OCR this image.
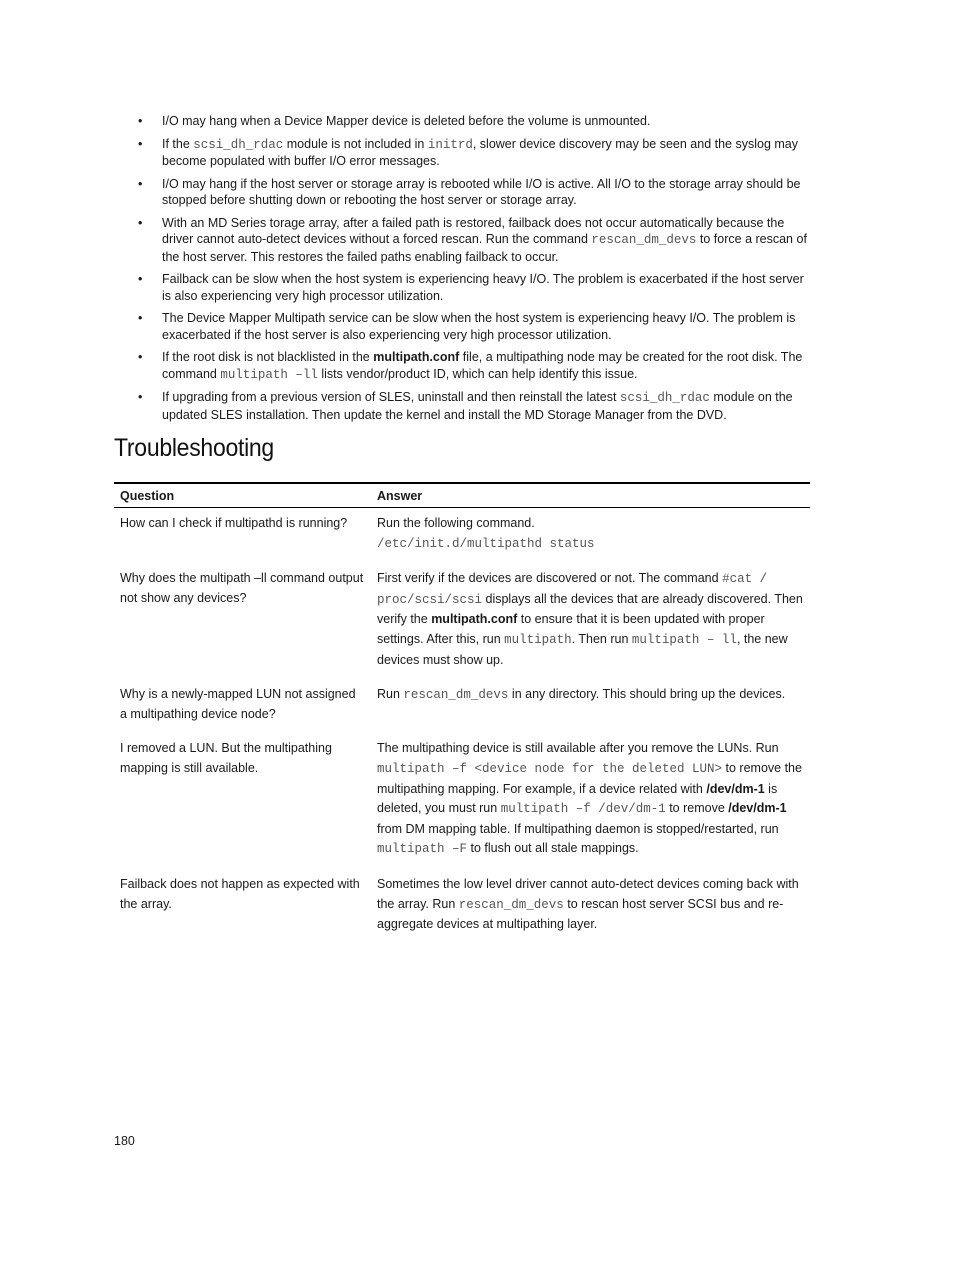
• I/O may hang when a Device Mapper device is deleted before the volume is unmounted.
• If the scsi_dh_rdac module is not included in initrd, slower device discovery may be seen and the syslog may become populated with buffer I/O error messages.
• I/O may hang if the host server or storage array is rebooted while I/O is active. All I/O to the storage array should be stopped before shutting down or rebooting the host server or storage array.
• With an MD Series torage array, after a failed path is restored, failback does not occur automatically because the driver cannot auto-detect devices without a forced rescan. Run the command rescan_dm_devs to force a rescan of the host server. This restores the failed paths enabling failback to occur.
• Failback can be slow when the host system is experiencing heavy I/O. The problem is exacerbated if the host server is also experiencing very high processor utilization.
• The Device Mapper Multipath service can be slow when the host system is experiencing heavy I/O. The problem is exacerbated if the host server is also experiencing very high processor utilization.
• If the root disk is not blacklisted in the multipath.conf file, a multipathing node may be created for the root disk. The command multipath –ll lists vendor/product ID, which can help identify this issue.
• If upgrading from a previous version of SLES, uninstall and then reinstall the latest scsi_dh_rdac module on the updated SLES installation. Then update the kernel and install the MD Storage Manager from the DVD.
Troubleshooting
Question	Answer
How can I check if multipathd is running?	Run the following command.
/etc/init.d/multipathd status
Why does the multipath –ll command output not show any devices?	First verify if the devices are discovered or not. The command #cat / proc/scsi/scsi displays all the devices that are already discovered. Then verify the multipath.conf to ensure that it is been updated with proper settings. After this, run multipath. Then run multipath – ll, the new devices must show up.
Why is a newly-mapped LUN not assigned a multipathing device node?	Run rescan_dm_devs in any directory. This should bring up the devices.
I removed a LUN. But the multipathing mapping is still available.	The multipathing device is still available after you remove the LUNs. Run multipath –f <device node for the deleted LUN> to remove the multipathing mapping. For example, if a device related with /dev/dm-1 is deleted, you must run multipath –f /dev/dm-1 to remove /dev/dm-1 from DM mapping table. If multipathing daemon is stopped/restarted, run multipath –F to flush out all stale mappings.
Failback does not happen as expected with the array.	Sometimes the low level driver cannot auto-detect devices coming back with the array. Run rescan_dm_devs to rescan host server SCSI bus and re-aggregate devices at multipathing layer.
180
